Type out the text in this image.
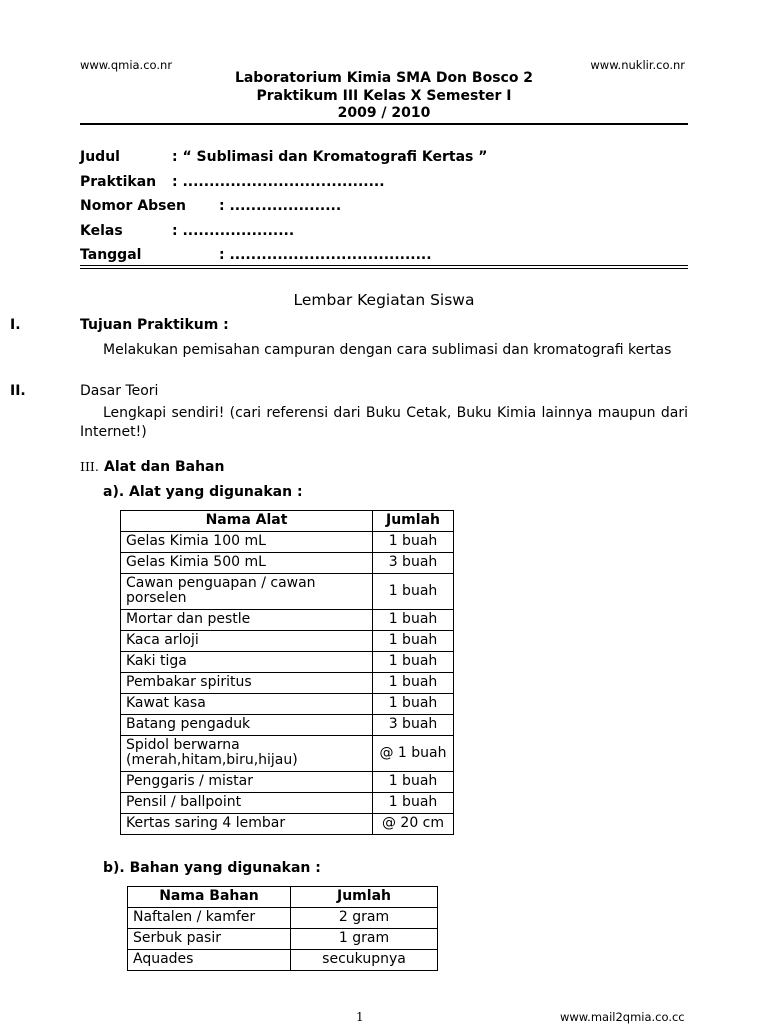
www.qmia.co.nr	www.nuklir.co.nr
Laboratorium Kimia SMA Don Bosco 2
Praktikum III Kelas X Semester I
2009 / 2010
Judul	: “ Sublimasi dan Kromatografi Kertas ”
Praktikan : ......................................
Nomor Absen : .....................
Kelas	: .....................
Tanggal	: ......................................
Lembar Kegiatan Siswa
I.	Tujuan Praktikum :
Melakukan pemisahan campuran dengan cara sublimasi dan kromatografi kertas
II.	Dasar Teori
Lengkapi sendiri! (cari referensi dari Buku Cetak, Buku Kimia lainnya maupun dari Internet!)
III. Alat dan Bahan
a). Alat yang digunakan :
Nama Alat	Jumlah
Gelas Kimia 100 mL	1 buah
Gelas Kimia 500 mL	3 buah
Cawan penguapan / cawan porselen	1 buah
Mortar dan pestle	1 buah
Kaca arloji	1 buah
Kaki tiga	1 buah
Pembakar spiritus	1 buah
Kawat kasa	1 buah
Batang pengaduk	3 buah
Spidol berwarna (merah,hitam,biru,hijau)	@ 1 buah
Penggaris / mistar	1 buah
Pensil / ballpoint	1 buah
Kertas saring 4 lembar	@ 20 cm
b). Bahan yang digunakan :
Nama Bahan	Jumlah
Naftalen / kamfer	2 gram
Serbuk pasir	1 gram
Aquades	secukupnya
1	www.mail2qmia.co.cc
